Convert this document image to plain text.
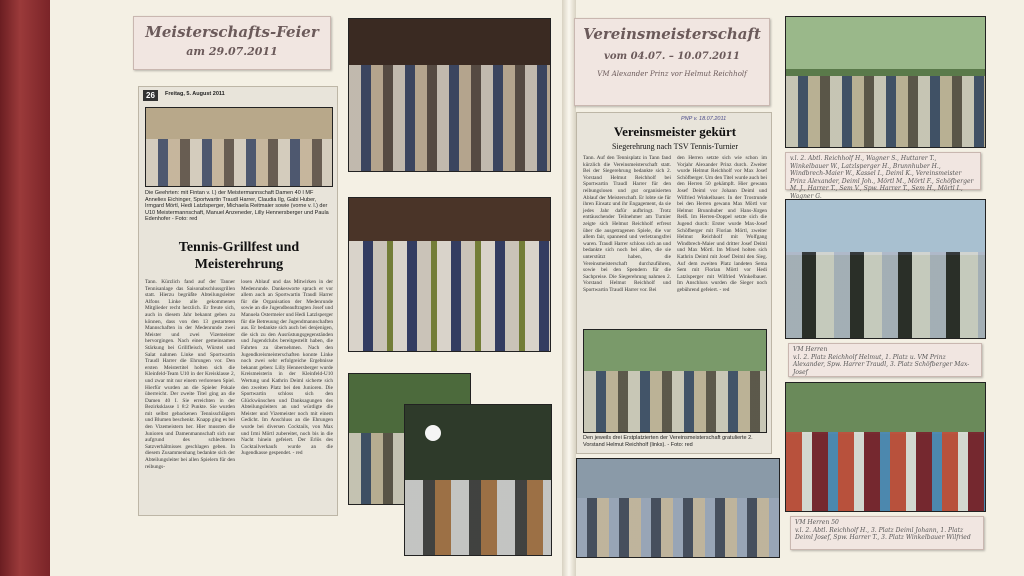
Meisterschafts-Feier
am 29.07.2011
26	Freitag, 5. August 2011
Die Geehrten: mit Fintan v. l.) der Meistermannschaft Damen 40 I MF Annelies Eichinger, Sportwartin Traudl Harrer, Claudia Ilg, Gabi Huber, Irmgard Mörtl, Hedi Latzlsperger, Michaela Reitmaier sowie (vorne v. l.) der U10 Meistermannschaft, Manuel Anzeneder, Lilly Hennersberger und Paula Edenhofer - Foto: red
Tennis-Grillfest und Meisterehrung
Tann. Kürzlich fand auf der Tanner Tennisanlage das Saisonabschlussgrillen statt. Hierzu begrüßte Abteilungsleiter Alfons Linke alle gekommenen Mitglieder recht herzlich. Er freute sich, auch in diesem Jahr bekannt geben zu können, dass von den 13 gestarteten Mannschaften in der Medenrunde zwei Meister und zwei Vizemeister hervorgingen. Nach einer gemeinsamen Stärkung bei Grillfleisch, Würstel und Salat nahmen Linke und Sportwartin Traudl Harrer die Ehrungen vor. Den ersten Meistertitel holten sich die Kleinfeld-Team U10 in der Kreisklasse 2, und zwar mit nur einem verlorenen Spiel. Hierfür wurden an die Spieler Pokale überreicht. Der zweite Titel ging an die Damen 40 I. Sie erreichten in der Bezirksklasse 1 8:2 Punkte. Sie wurden mit selbst gebackenen Tennisschlägern und Blumen beschenkt. Knapp ging es bei den Vizemeistern her. Hier mussten die Junioren und Damenmannschaft sich nur aufgrund des schlechteren Satzverhältnisses geschlagen geben. In diesem Zusammenhang bedankte sich der Abteilungsleiter bei allen Spielern für den reibungs-
losen Ablauf und das Mitwirken in der Medenrunde. Dankesworte sprach er vor allem auch an Sportwartin Traudl Harrer für die Organisation der Medenrunde sowie an die Jugendbeauftragten Josef und Manuela Ostermeier und Hedi Latzlsperger für die Betreuung der Jugendmannschaften aus. Er bedankte sich auch bei denjenigen, die sich zu den Ausrüstungsgegenständen und Jugendclubs bereitgestellt haben, die Fahrten zu übernehmen. Nach den Jugendkreismeisterschaften konnte Linke noch zwei sehr erfolgreiche Ergebnisse bekannt geben: Lilly Hennersberger wurde Kreismeisterin in der Kleinfeld-U10 Wertung und Kathrin Deiml sicherte sich den zweiten Platz bei den Junioren. Die Sportwartin schloss sich den Glückwünschen und Danksagungen des Abteilungsleiters an und würdigte die Meister und Vizemeister noch mit einem Gedicht. Im Anschluss an die Ehrungen wurde bei diversen Cocktails, von Max und Irmi Mörtl zubereitet, noch bis in die Nacht hinein gefeiert. Der Erlös des Cocktailverkaufs wurde an die Jugendkasse gespendet. - red
Vereinsmeisterschaft
vom 04.07. – 10.07.2011
VM Alexander Prinz vor Helmut Reichholf
PNP v. 18.07.2011
Vereinsmeister gekürt
Siegerehrung nach TSV Tennis-Turnier
Tann. Auf den Tennisplatz in Tann fand kürzlich die Vereinsmeisterschaft statt. Bei der Siegerehrung bedankte sich 2. Vorstand Helmut Reichholf bei Sportwartin Traudl Harrer für den reibungslosen und gut organisierten Ablauf der Meisterschaft. Er lobte sie für ihren Einsatz und ihr Engagement, da sie jedes Jahr dafür aufbringt. Trotz enttäuschender Teilnehmer am Turnier zeigte sich Helmut Reichholf erfreut über die ausgetragenen Spiele, die vor allem fair, spannend und verletzungsfrei waren. Traudl Harrer schloss sich an und bedankte sich noch bei allen, die sie unterstützt haben, die Vereinsmeisterschaft durchzuführen, sowie bei den Spendern für die Sachpreise. Die Siegerehrung nahmen 2. Vorstand Helmut Reichholf und Sportwartin Traudl Harrer vor. Bei
den Herren setzte sich wie schon im Vorjahr Alexander Prinz durch. Zweiter wurde Helmut Reichholf vor Max Josef Schöfberger. Um den Titel wurde auch bei den Herren 50 gekämpft. Hier gewann Josef Deiml vor Johann Deiml und Wilfried Winkelbauer. In der Trostrunde bei den Herren gewann Max Mörtl vor Helmut Brunnhuber und Hans-Jürgen Reiß. Im Herren-Doppel setzte sich die Jugend durch: Erster wurde Max-Josef Schöfberger mit Florian Mörtl, zweiter Helmut Reichholf mit Wolfgang Windbrech-Maier und dritter Josef Deiml und Max Mörtl. Im Mixed holten sich Kathrin Deiml mit Josef Deiml den Sieg. Auf dem zweiten Platz landeten Sema Sem mit Florian Mörtl vor Hedi Latzlsperger mit Wilfried Winkelbauer. Im Anschluss wurden die Sieger noch gebührend gefeiert. - red
Den jeweils drei Erstplatzierten der Vereinsmeisterschaft gratulierte 2. Vorstand Helmut Reichholf (links). - Foto: red
v.l. 2. Abtl. Reichholf H., Wagner S., Huttarer T., Winkelbauer W., Latzlsperger H., Brunnhuber H., Windbrech-Maier W., Kassel I., Deiml K., Vereinsmeister Prinz Alexander, Deiml Joh., Mörtl M., Mörtl F., Schöfberger M. J., Harrer T., Sem V., Spw. Harrer T., Sem H., Mörtl I., Wagner G.
VM Herren
v.l. 2. Platz Reichholf Helmut, 1. Platz u. VM Prinz Alexander, Spw. Harrer Traudl, 3. Platz Schöfberger Max-Josef
VM Herren 50
v.l. 2. Abtl. Reichholf H., 3. Platz Deiml Johann, 1. Platz Deiml Josef, Spw. Harrer T., 3. Platz Winkelbauer Wilfried
